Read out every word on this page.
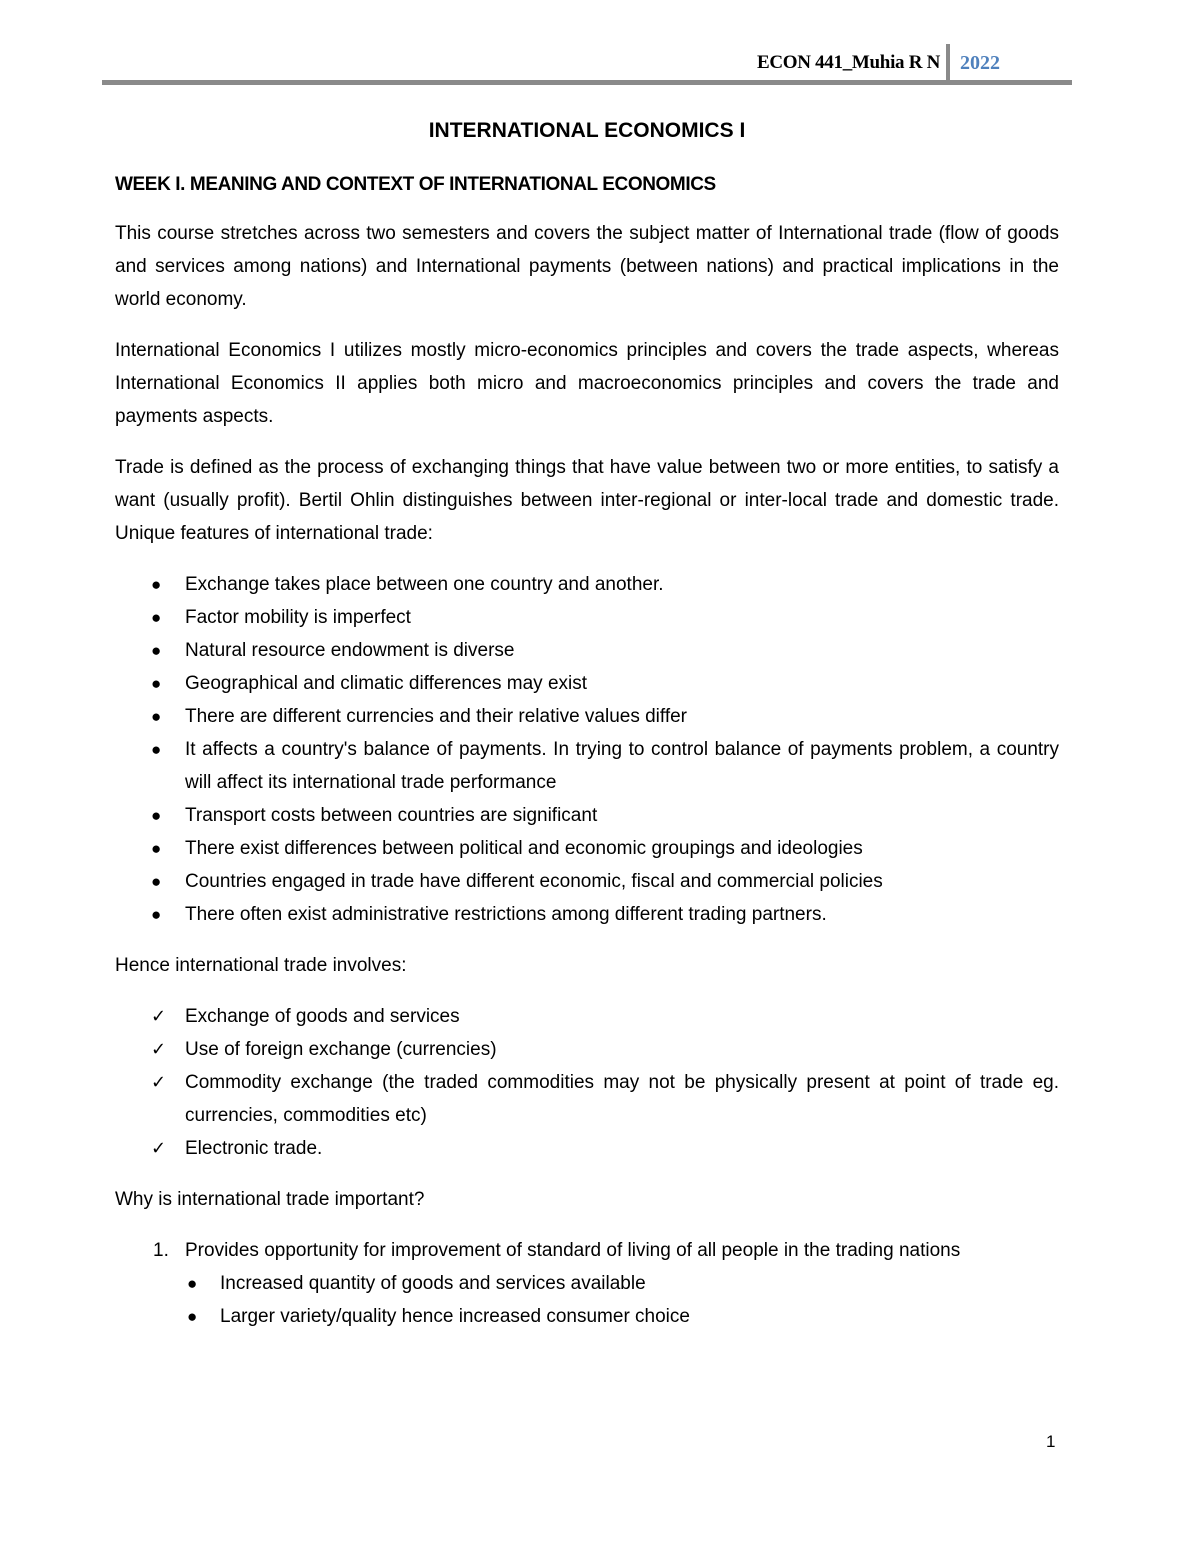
ECON 441_Muhia R N 2022
INTERNATIONAL ECONOMICS I
WEEK I. MEANING AND CONTEXT OF INTERNATIONAL ECONOMICS

This course stretches across two semesters and covers the subject matter of International trade (flow of goods and services among nations) and International payments (between nations) and practical implications in the world economy.

International Economics I utilizes mostly micro-economics principles and covers the trade aspects, whereas International Economics II applies both micro and macroeconomics principles and covers the trade and payments aspects.

Trade is defined as the process of exchanging things that have value between two or more entities, to satisfy a want (usually profit). Bertil Ohlin distinguishes between inter-regional or inter-local trade and domestic trade. Unique features of international trade:

●	Exchange takes place between one country and another.
●	Factor mobility is imperfect
●	Natural resource endowment is diverse
●	Geographical and climatic differences may exist
●	There are different currencies and their relative values differ
●	It affects a country's balance of payments. In trying to control balance of payments problem, a country will affect its international trade performance
●	Transport costs between countries are significant
●	There exist differences between political and economic groupings and ideologies
●	Countries engaged in trade have different economic, fiscal and commercial policies
●	There often exist administrative restrictions among different trading partners.

Hence international trade involves:

✓ Exchange of goods and services
✓ Use of foreign exchange (currencies)
✓ Commodity exchange (the traded commodities may not be physically present at point of trade eg. currencies, commodities etc)
✓ Electronic trade.

Why is international trade important?

1. Provides opportunity for improvement of standard of living of all people in the trading nations
●	Increased quantity of goods and services available
●	Larger variety/quality hence increased consumer choice
1
